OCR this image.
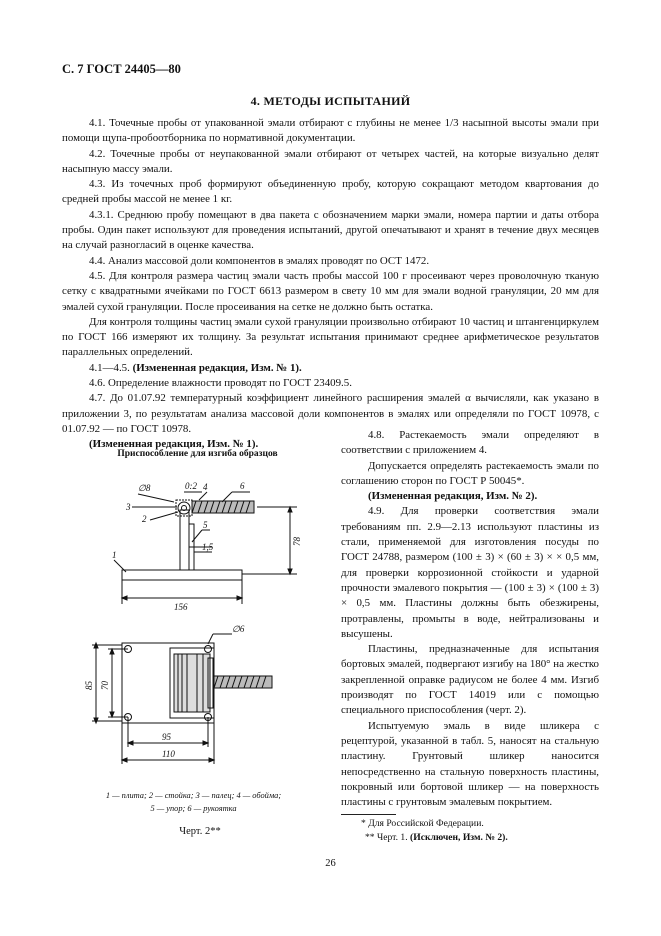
С. 7 ГОСТ 24405—80
4. МЕТОДЫ ИСПЫТАНИЙ

4.1. Точечные пробы от упакованной эмали отбирают с глубины не менее 1/3 насыпной высоты эмали при помощи щупа-пробоотборника по нормативной документации.

4.2. Точечные пробы от неупакованной эмали отбирают от четырех частей, на которые визуально делят насыпную массу эмали.

4.3. Из точечных проб формируют объединенную пробу, которую сокращают методом квартования до средней пробы массой не менее 1 кг.

4.3.1. Среднюю пробу помещают в два пакета с обозначением марки эмали, номера партии и даты отбора пробы. Один пакет используют для проведения испытаний, другой опечатывают и хранят в течение двух месяцев на случай разногласий в оценке качества.

4.4. Анализ массовой доли компонентов в эмалях проводят по ОСТ 1472.

4.5. Для контроля размера частиц эмали часть пробы массой 100 г просеивают через проволочную тканую сетку с квадратными ячейками по ГОСТ 6613 размером в свету 10 мм для эмали водной грануляции, 20 мм для эмалей сухой грануляции. После просеивания на сетке не должно быть остатка.

Для контроля толщины частиц эмали сухой грануляции произвольно отбирают 10 частиц и штангенциркулем по ГОСТ 166 измеряют их толщину. За результат испытания принимают среднее арифметическое результатов параллельных определений.

4.1—4.5. (Измененная редакция, Изм. № 1).

4.6. Определение влажности проводят по ГОСТ 23409.5.

4.7. До 01.07.92 температурный коэффициент линейного расширения эмалей α вычисляли, как указано в приложении 3, по результатам анализа массовой доли компонентов в эмалях или определяли по ГОСТ 10978, с 01.07.92 — по ГОСТ 10978.

(Измененная редакция, Изм. № 1).

Приспособление для изгиба образцов
1
2
3
4
5
6
∅8	0:2
1,5
156
78
∅6
85 70
95
110
1 — плита; 2 — стойка; 3 — палец; 4 — обойма;
5 — упор; 6 — рукоятка
Черт. 2**

4.8. Растекаемость эмали определяют в соответствии с приложением 4.

Допускается определять растекаемость эмали по соглашению сторон по ГОСТ Р 50045*.

(Измененная редакция, Изм. № 2).

4.9. Для проверки соответствия эмали требованиям пп. 2.9—2.13 используют пластины из стали, применяемой для изготовления посуды по ГОСТ 24788, размером (100 ± 3) × (60 ± 3) × × 0,5 мм, для проверки коррозионной стойкости и ударной прочности эмалевого покрытия — (100 ± 3) × (100 ± 3) × 0,5 мм. Пластины должны быть обезжирены, протравлены, промыты в воде, нейтрализованы и высушены.

Пластины, предназначенные для испытания бортовых эмалей, подвергают изгибу на 180° на жестко закрепленной оправке радиусом не более 4 мм. Изгиб производят по ГОСТ 14019 или с помощью специального приспособления (черт. 2).

Испытуемую эмаль в виде шликера с рецептурой, указанной в табл. 5, наносят на стальную пластину. Грунтовый шликер наносится непосредственно на стальную поверхность пластины, покровный или бортовой шликер — на поверхность пластины с грунтовым эмалевым покрытием.

* Для Российской Федерации.
** Черт. 1. (Исключен, Изм. № 2).
26
